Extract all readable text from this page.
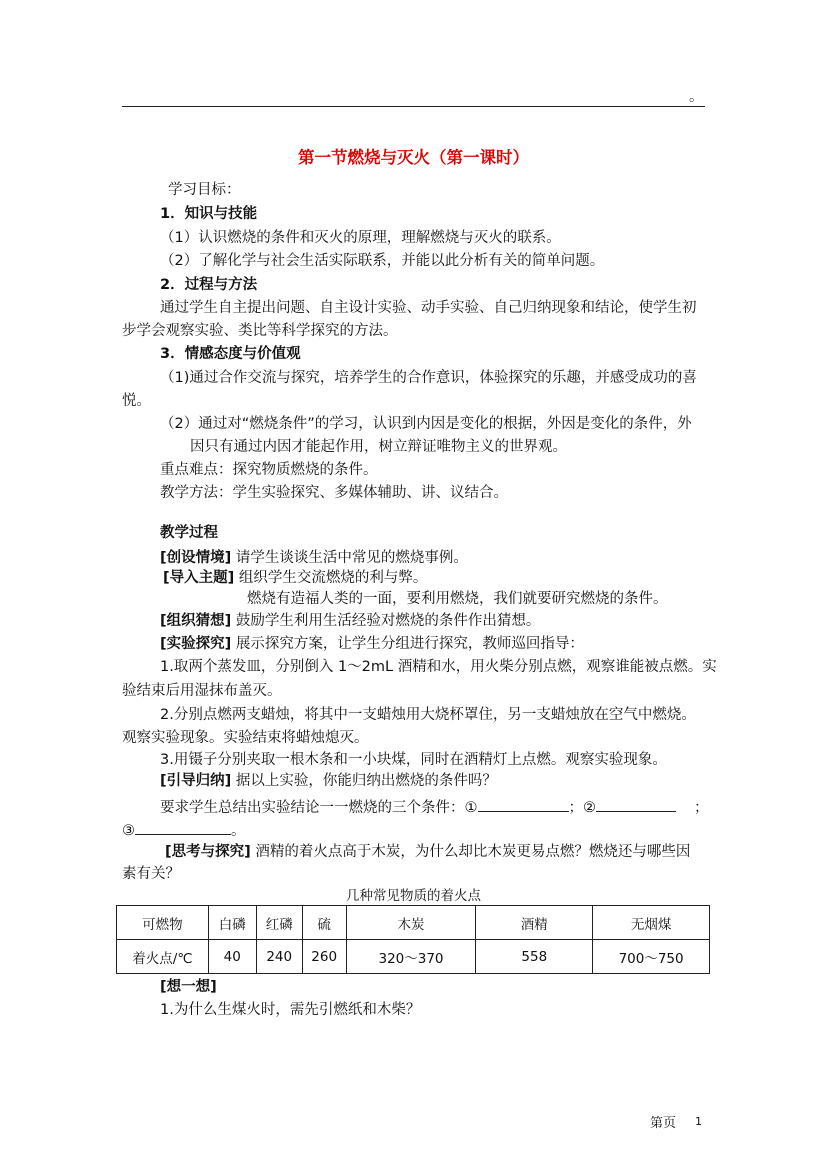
。
第一节燃烧与灭火（第一课时）
学习目标：
1．知识与技能
（1）认识燃烧的条件和灭火的原理，理解燃烧与灭火的联系。
（2）了解化学与社会生活实际联系，并能以此分析有关的简单问题。
2．过程与方法
通过学生自主提出问题、自主设计实验、动手实验、自己归纳现象和结论，使学生初
步学会观察实验、类比等科学探究的方法。
3．情感态度与价值观
（1)通过合作交流与探究，培养学生的合作意识，体验探究的乐趣，并感受成功的喜
悦。
（2）通过对“燃烧条件”的学习，认识到内因是变化的根据，外因是变化的条件，外
因只有通过内因才能起作用，树立辩证唯物主义的世界观。
重点难点：探究物质燃烧的条件。
教学方法：学生实验探究、多媒体辅助、讲、议结合。
教学过程
[创设情境] 请学生谈谈生活中常见的燃烧事例。
[导入主题] 组织学生交流燃烧的利与弊。
燃烧有造福人类的一面，要利用燃烧，我们就要研究燃烧的条件。
[组织猜想] 鼓励学生利用生活经验对燃烧的条件作出猜想。
[实验探究] 展示探究方案，让学生分组进行探究，教师巡回指导：
1.取两个蒸发皿，分别倒入 1～2mL 酒精和水，用火柴分别点燃，观察谁能被点燃。实
验结束后用湿抹布盖灭。
2.分别点燃两支蜡烛，将其中一支蜡烛用大烧杯罩住，另一支蜡烛放在空气中燃烧。
观察实验现象。实验结束将蜡烛熄灭。
3.用镊子分别夹取一根木条和一小块煤，同时在酒精灯上点燃。观察实验现象。
[引导归纳] 据以上实验，你能归纳出燃烧的条件吗？
要求学生总结出实验结论一一燃烧的三个条件：①	；②	；
③	。
[思考与探究] 酒精的着火点高于木炭，为什么却比木炭更易点燃？燃烧还与哪些因
素有关？
几种常见物质的着火点
可燃物	白磷	红磷	硫	木炭	酒精	无烟煤
着火点/℃	40	240	260	320～370	558	700～750
[想一想]
1.为什么生煤火时，需先引燃纸和木柴？
第页 1
